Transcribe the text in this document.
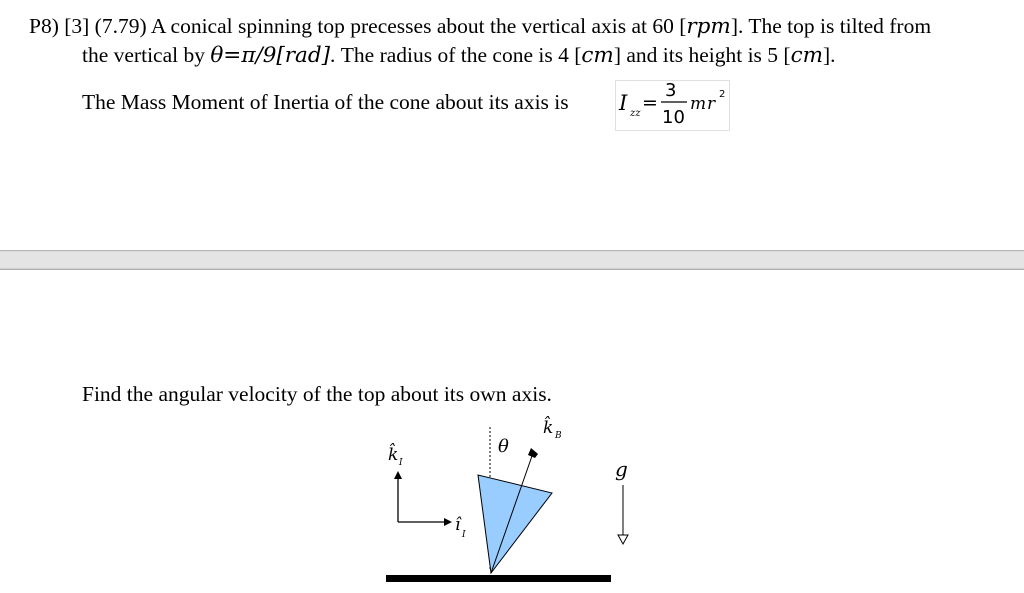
P8) [3] (7.79) A conical spinning top precesses about the vertical axis at 60 [rpm]. The top is tilted from
the vertical by θ=π/9[rad]. The radius of the cone is 4 [cm] and its height is 5 [cm].
The Mass Moment of Inertia of the cone about its axis is I zz =
3
10
m r 2
Find the angular velocity of the top about its own axis.
k̂ I
î I
θ
k̂ B
g
